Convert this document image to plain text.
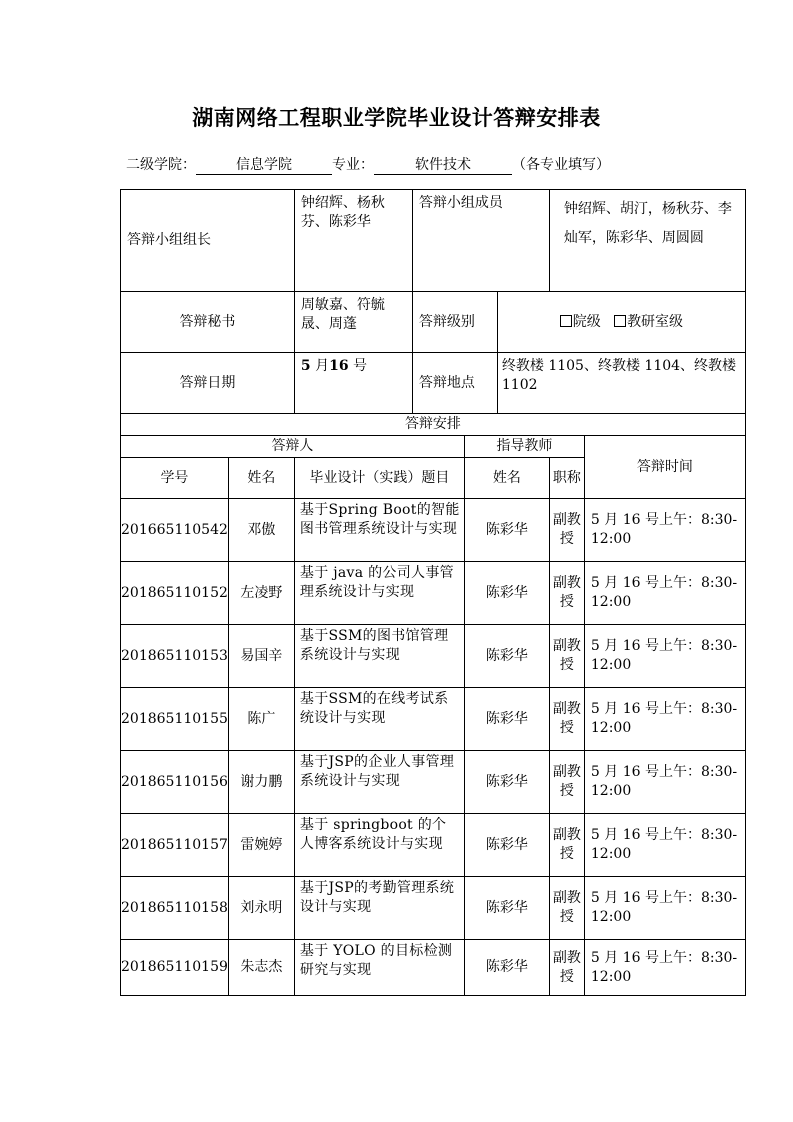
湖南网络工程职业学院毕业设计答辩安排表
二级学院：	信息学院	专业：	软件技术	（各专业填写）
答辩小组组长		钟绍辉、杨秋芬、陈彩华	答辩小组成员			钟绍辉、胡汀，杨秋芬、李灿军，陈彩华、周圆圆	
答辩秘书		周敏嘉、符毓晟、周蓬	答辩级别		院级 教研室级		
答辩日期		5 月16 号	答辩地点		终教楼 1105、终教楼 1104、终教楼 1102		
答辩安排							
答辩人				指导教师			答辩时间
学号	姓名	毕业设计（实践）题目		姓名		职称	
201665110542	邓傲	基于Spring Boot的智能图书管理系统设计与实现		陈彩华		副教授	5 月 16 号上午：8:30-12:00
201865110152	左凌野	基于 java 的公司人事管理系统设计与实现		陈彩华		副教授	5 月 16 号上午：8:30-12:00
201865110153	易国辛	基于SSM的图书馆管理系统设计与实现		陈彩华		副教授	5 月 16 号上午：8:30-12:00
201865110155	陈广	基于SSM的在线考试系统设计与实现		陈彩华		副教授	5 月 16 号上午：8:30-12:00
201865110156	谢力鹏	基于JSP的企业人事管理系统设计与实现		陈彩华		副教授	5 月 16 号上午：8:30-12:00
201865110157	雷婉婷	基于 springboot 的个人博客系统设计与实现		陈彩华		副教授	5 月 16 号上午：8:30-12:00
201865110158	刘永明	基于JSP的考勤管理系统设计与实现		陈彩华		副教授	5 月 16 号上午：8:30-12:00
201865110159	朱志杰	基于 YOLO 的目标检测研究与实现		陈彩华		副教授	5 月 16 号上午：8:30-12:00
